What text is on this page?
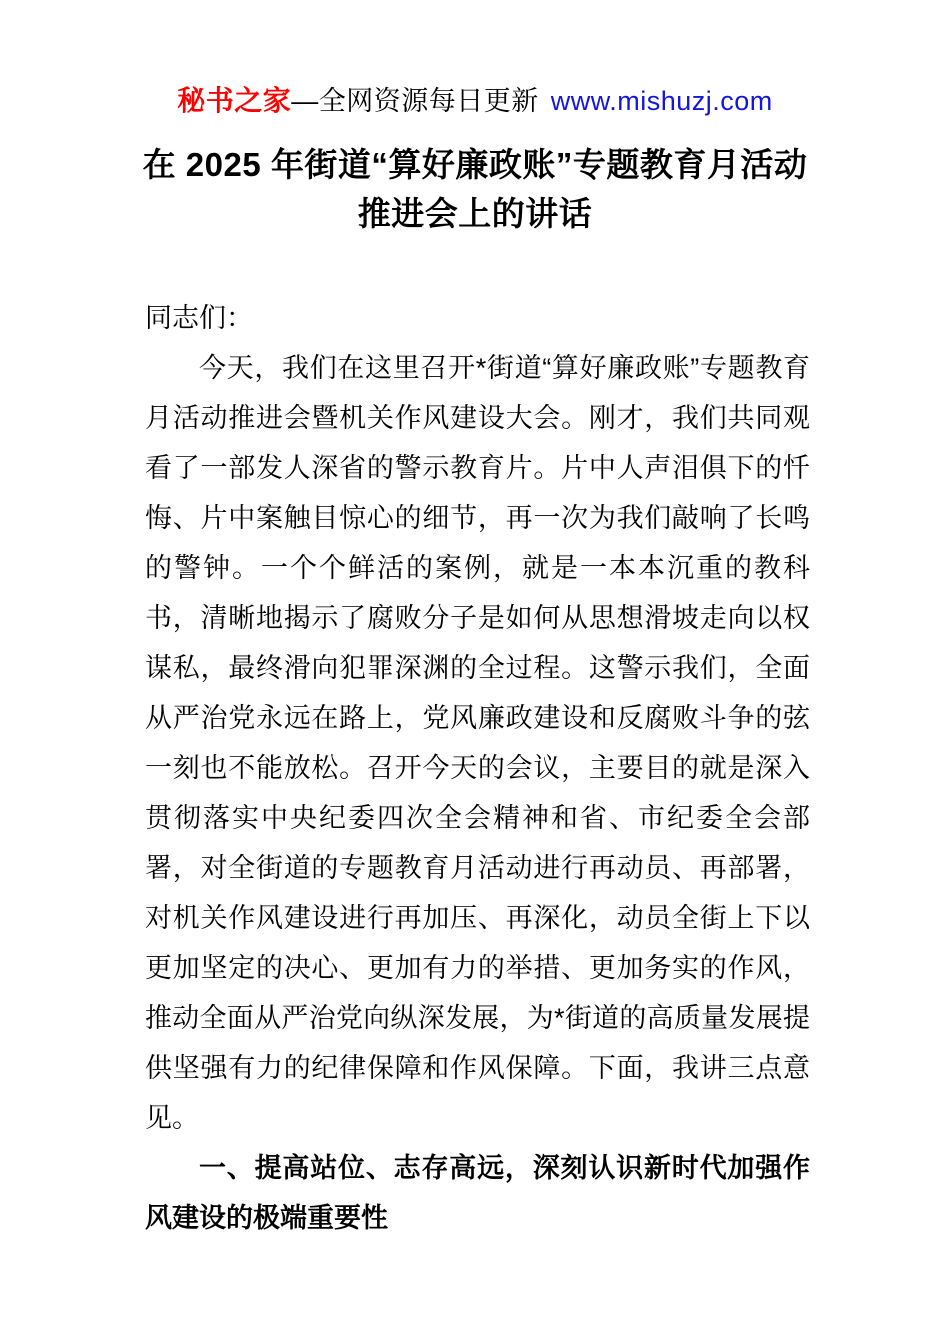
秘书之家—全网资源每日更新 www.mishuzj.com
在 2025 年街道“算好廉政账”专题教育月活动
推进会上的讲话

同志们：

今天，我们在这里召开*街道“算好廉政账”专题教育月活动推进会暨机关作风建设大会。刚才，我们共同观看了一部发人深省的警示教育片。片中人声泪俱下的忏悔、片中案触目惊心的细节，再一次为我们敲响了长鸣的警钟。一个个鲜活的案例，就是一本本沉重的教科书，清晰地揭示了腐败分子是如何从思想滑坡走向以权谋私，最终滑向犯罪深渊的全过程。这警示我们，全面从严治党永远在路上，党风廉政建设和反腐败斗争的弦一刻也不能放松。召开今天的会议，主要目的就是深入贯彻落实中央纪委四次全会精神和省、市纪委全会部署，对全街道的专题教育月活动进行再动员、再部署，对机关作风建设进行再加压、再深化，动员全街上下以更加坚定的决心、更加有力的举措、更加务实的作风，推动全面从严治党向纵深发展，为*街道的高质量发展提供坚强有力的纪律保障和作风保障。下面，我讲三点意见。

一、提高站位、志存高远，深刻认识新时代加强作风建设的极端重要性
